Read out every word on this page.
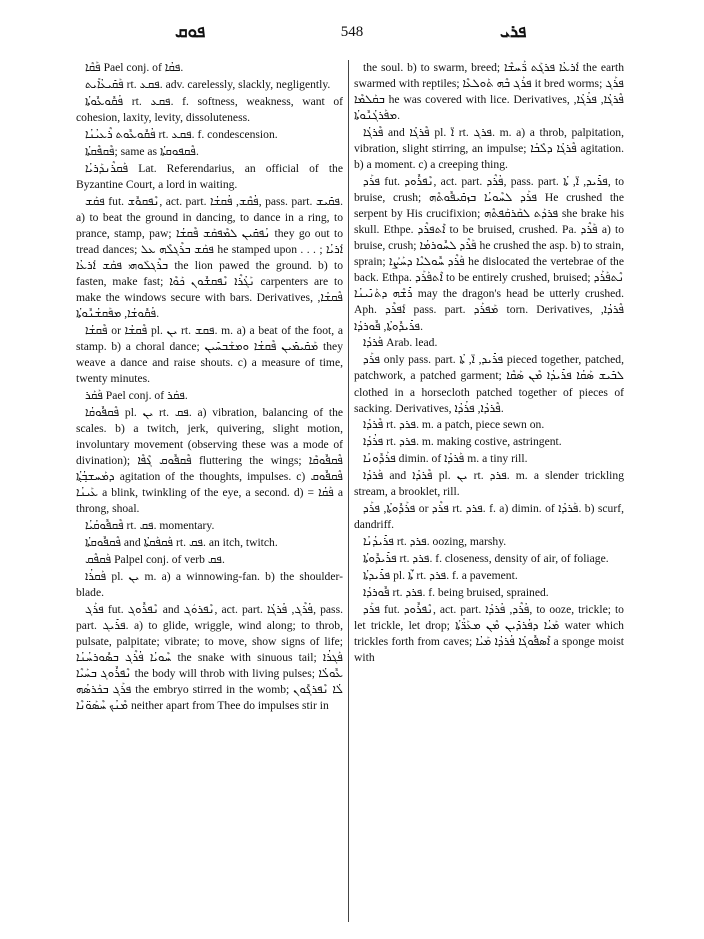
ܦܘܩ	548	ܦܪܝ
ܦܰܩܶܐ Pael conj. of ܦܩܳܐ.
ܦܰܩܺܝܥܳܐܺܝܬ rt. ܦܩܥ. adv. carelessly, slackly, negligently.
ܦܳܩܽܘܥܽܘܬܳܐ rt. ܦܩܥ. f. softness, weakness, want of cohesion, laxity, levity, dissoluteness.
ܦܳܩܽܘܥܽܘܬ ܪܶܥܝܳܢܳܐ rt. ܦܩܥ. f. condescension.
ܦܶܩܦܶܩܬܳܐ; same as ܦܶܩܦܘܩܬܳܐ.
ܦܰܩܪܶܢܕܰܪܝܳܐ Lat. Referendarius, an official of the Byzantine Court, a lord in waiting.
ܦܩܰܫ fut. ܢܶܦܩܘܽܫ, act. part. ܦܳܩܶܫ, ܦܳܩܫܳܐ, pass. part. ܦܩܺܝܫ. a) to beat the ground in dancing, to dance in a ring, to prance, stamp, paw; ܢܳܦܩܺܝܢ ܠܡܶܦܩܰܫ ܦܶܩܫܳܐ they go out to tread dances; ܦܩܰܫ ܒܪܶܓܠܶܗ ܥܠ he stamped upon . . . ; ܐܰܪܝܳܐ ܒܪܶܓܠܰܘܗܝ ܦܩܰܫ ܐܰܪܥܳܐ the lion pawed the ground. b) to fasten, make fast; ܢܰܓܳܪܶܐ ܢܶܦܩܫܽܘܢ ܟܰܘܶܐ carpenters are to make the windows secure with bars. Derivatives, ܦܶܩܫܳܐ, ܦܳܩܽܘܫܳܐ, ܡܦܰܩܫܳܢܽܘܬܳܐ.
ܦܶܩܫܳܐ or ܦܶܩܫܳܐ pl. ܝܢ rt. ܦܩܫ. m. a) a beat of the foot, a stamp. b) a choral dance; ܡܰܩܺܝܡܺܝܢ ܦܶܩܫܳܐ ܘܡܫܰܒܚܺܝܢ they weave a dance and raise shouts. c) a measure of time, twenty minutes.
ܦܰܩܰܪ Pael conj. of ܦܩܰܪ.
ܦܶܩܦܽܘܩܳܐ pl. ܝܢ rt. ܦܩ. a) vibration, balancing of the scales. b) a twitch, jerk, quivering, slight motion, involuntary movement (observing these was a mode of divination); ܦܶܩܦܽܘܩ ܓܶܦܶܐ fluttering the wings; ܦܶܩܦܽܘܩܶܐ ܕܡܰܚܫܒ݂ܳܬ݂ܳܐ agitation of the thoughts, impulses. c) ܦܶܩܦܽܘܩ ܥܰܝܢܳܐ a blink, twinkling of the eye, a second. d) = ܦܰܩܳܐ a throng, shoal.
ܦܶܩܦܽܘܩܳܝܳܐ rt. ܦܩ. momentary.
ܦܶܩܦܽܘܩܬܳܐ and ܦܰܩܦܰܩܬܳܐ rt. ܦܩ. an itch, twitch.
ܦܰܩܦܶܩ Palpel conj. of verb ܦܩ.
ܦܰܩܪܳܐ pl. ܝܢ m. a) a winnowing-fan. b) the shoulder-blade.
ܦܪܰܓ fut. ܢܶܦܪܽܘܓ and ܢܶܦܪܘܿܓ, act. part. ܦܳܪܶܓ, ܦܳܪܓܳܐ, pass. part. ܦܪܺܝܓ. a) to glide, wriggle, wind along; to throb, pulsate, palpitate; vibrate; to move, show signs of life; ܚܶܘܝܳܐ ܦܳܪܶܓ ܒܣܽܘܪܚܳܢܳܐ the snake with sinuous tail; ܦܰܓܪܳܐ ܢܶܦܪܽܘܓ ܒܚܰܝܶܐ the body will throb with living pulses; ܥܽܘܠܳܐ ܦܪܰܓ ܒܟܰܪܣܳܗ the embryo stirred in the womb; ܠܳܐ ܢܶܦܪܓܽܘܢ ܡܶܢܳܟ ܚܶܣܰܘ̈ܢܶܐ neither apart from Thee do impulses stir in
the soul. b) to swarm, breed; ܐܰܪܥܳܐ ܦܪܓܰܬ ܪ̈ܰܚܫܶܐ the earth swarmed with reptiles; ܦܪܰܓ ܒܶܗ ܬܰܘܠܥܶܐ it bred worms; ܦܪܰܓ ܒܩܰܠܡܶܐ he was covered with lice. Derivatives, ܦܶܪܓܳܐ, ܦܪܳܓܳܐ, ܡܦܰܪܓܳܢܽܘܬܳܐ.
ܦܶܪܓܳܐ and ܦܶܪܓܳܐ pl. ܐ̈ rt. ܦܪܓ. m. a) a throb, palpitation, vibration, slight stirring, an impulse; ܦܶܪܓܳܐ ܕܠܶܒܳܐ agitation. b) a moment. c) a creeping thing.
ܦܪܰܕ fut. ܢܶܦܪܽܘܕ, act. part. ܦܳܪܶܕ, pass. part. ܦܪܺܝܕ, ܐ̈, ܬܳܐ, to bruise, crush; ܦܪܰܕ ܠܚܶܘܝܳܐ ܒܙܩܺܝܦܽܘܬܶܗ He crushed the serpent by His crucifixion; ܦܪܕܰܬ ܠܩܰܪܩܰܦܬܶܗ she brake his skull. Ethpe. ܐܶܬܦܪܶܕ to be bruised, crushed. Pa. ܦܰܪܶܕ a) to bruise, crush; ܦܰܪܶܕ ܠܚܽܘܪܡܳܐ he crushed the asp. b) to strain, sprain; ܦܰܪܶܕ ܚܽܘܠܝܶܐ ܕܚܰܨܳܐ he dislocated the vertebrae of the back. Ethpa. ܐܶܬܦܰܪܰܕ to be entirely crushed, bruised; ܢܶܬܦܰܪܰܕ ܪܺܫܶܗ ܕܬܰܢܺܝܢܳܐ may the dragon's head be utterly crushed. Aph. ܐܰܦܪܶܕ pass. part. ܡܰܦܪܰܕ torn. Derivatives, ܦܶܪܕܳܐ, ܦܪܺܝܕܽܘܬܳܐ, ܦܽܘܪܕܳܐ.
ܦܰܪܕܳܐ Arab. lead.
ܦܪܰܕ only pass. part. ܦܪܺܝܕ, ܐ̈, ܬܳܐ pieced together, patched, patchwork, a patched garment; ܠܒܺܝܫ ܣܰܩܳܐ ܦܪܺܝܕܳܐ ܡܶܢ ܣܰܩܶܐ clothed in a horsecloth patched together of pieces of sacking. Derivatives, ܦܶܪܕܳܐ, ܦܪܳܕܳܐ.
ܦܶܪܕܳܐ rt. ܦܪܕ. m. a patch, piece sewn on.
ܦܪܳܕܳܐ rt. ܦܪܕ. m. making costive, astringent.
ܦܪܰܕܽܘܢܳܐ dimin. of ܦܰܪܕܳܐ m. a tiny rill.
ܦܰܪܕܳܐ and ܦܶܪܕܳܐ pl. ܝܢ rt. ܦܪܕ. m. a slender trickling stream, a brooklet, rill.
ܦܪܰܕܽܘܬܳܐ, ܦܪܰܕ or ܦܪܶܕ rt. ܦܪܕ. f. a) dimin. of ܦܰܪܕܳܐ. b) scurf, dandriff.
ܦܪܺܝܕܳܢܳܐ rt. ܦܪܕ. oozing, marshy.
ܦܪܺܝܕܽܘܬܳܐ rt. ܦܪܕ. f. closeness, density of air, of foliage.
ܦܪܺܝܕܬܳܐ pl. ܬ̈ܳܐ rt. ܦܪܕ. f. a pavement.
ܦܽܘܪܕܳܐ rt. ܦܪܕ. f. being bruised, sprained.
ܦܪܰܕ fut. ܢܶܦܪܽܘܕ, act. part. ܦܳܪܶܕ, ܦܳܪܕܳܐ, to ooze, trickle; to let trickle, let drop; ܡܰܝܳܐ ܕܦܳܪܕܺܝܢ ܡܶܢ ܡܥܰܪ̈ܳܬܳܐ water which trickles forth from caves; ܐܶܣܦܽܘܓܳܐ ܦܳܪܕܳܐ ܡܰܝܳܐ a sponge moist with
